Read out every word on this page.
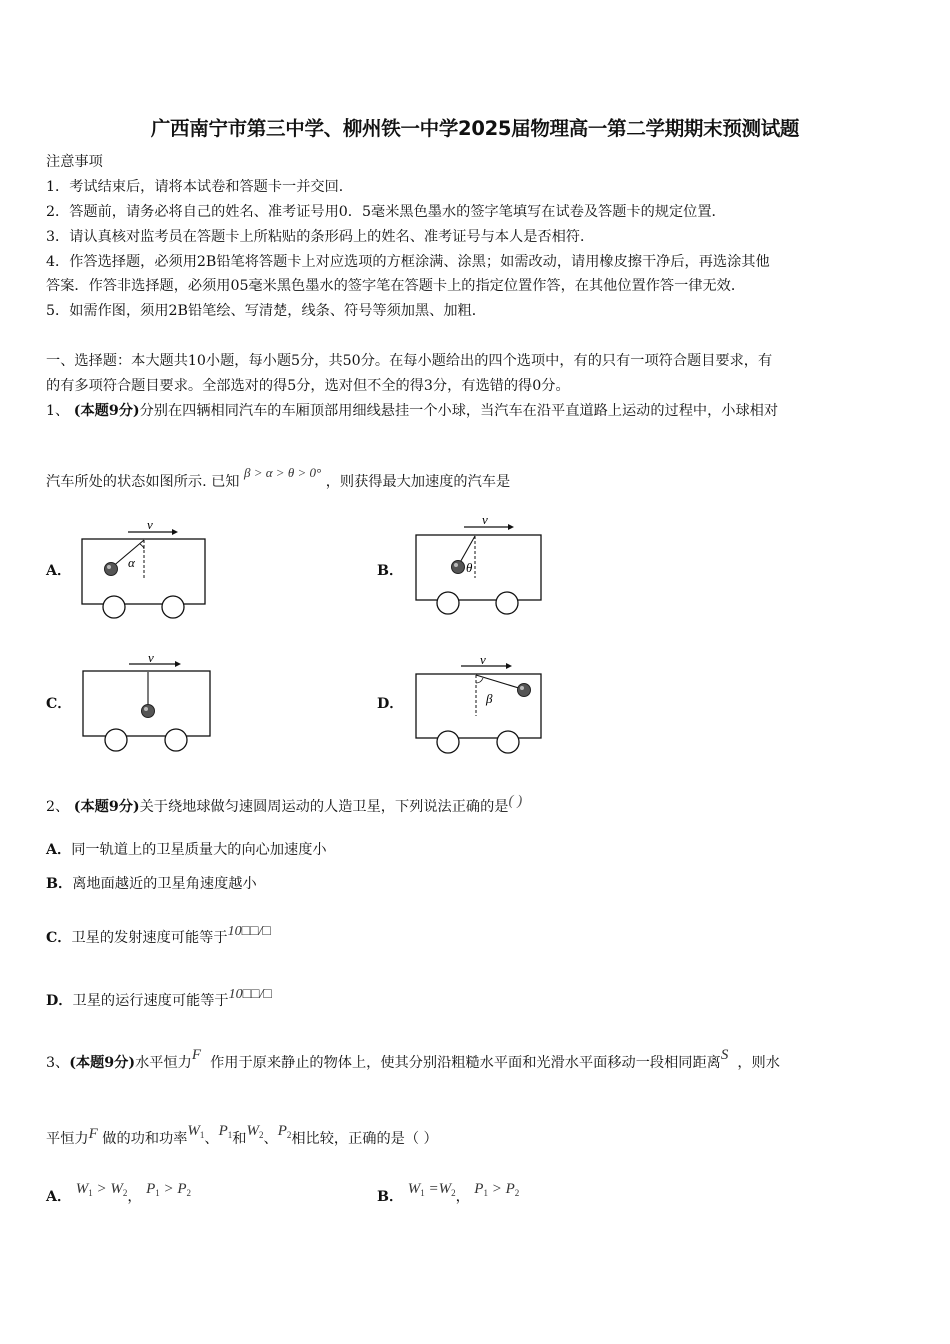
广西南宁市第三中学、柳州铁一中学2025届物理高一第二学期期末预测试题
注意事项
1．考试结束后，请将本试卷和答题卡一并交回．
2．答题前，请务必将自己的姓名、准考证号用0．5毫米黑色墨水的签字笔填写在试卷及答题卡的规定位置．
3．请认真核对监考员在答题卡上所粘贴的条形码上的姓名、准考证号与本人是否相符．
4．作答选择题，必须用2B铅笔将答题卡上对应选项的方框涂满、涂黑；如需改动，请用橡皮擦干净后，再选涂其他
答案．作答非选择题，必须用05毫米黑色墨水的签字笔在答题卡上的指定位置作答，在其他位置作答一律无效．
5．如需作图，须用2B铅笔绘、写清楚，线条、符号等须加黑、加粗．
一、选择题：本大题共10小题，每小题5分，共50分。在每小题给出的四个选项中，有的只有一项符合题目要求，有
的有多项符合题目要求。全部选对的得5分，选对但不全的得3分，有选错的得0分。
1、 (本题9分)分别在四辆相同汽车的车厢顶部用细线悬挂一个小球，当汽车在沿平直道路上运动的过程中，小球相对
汽车所处的状态如图所示. 已知 β > α > θ > 0° ，则获得最大加速度的汽车是
A．	B．
C．	D．
v
α
v
θ
v	v
β
2、 (本题9分)关于绕地球做匀速圆周运动的人造卫星，下列说法正确的是( )
A．同一轨道上的卫星质量大的向心加速度小
B．离地面越近的卫星角速度越小
C．卫星的发射速度可能等于10□□/□
D．卫星的运行速度可能等于10□□/□
3、(本题9分)水平恒力F 作用于原来静止的物体上，使其分别沿粗糙水平面和光滑水平面移动一段相同距离S ，则水
平恒力F 做的功和功率$W_1$、$P_1$和$W_2$、$P_2$相比较，正确的是（ ）
A． $W_1 > W_2$， $P_1 > P_2$	B． $W_1 =W_2$， $P_1 > P_2$
